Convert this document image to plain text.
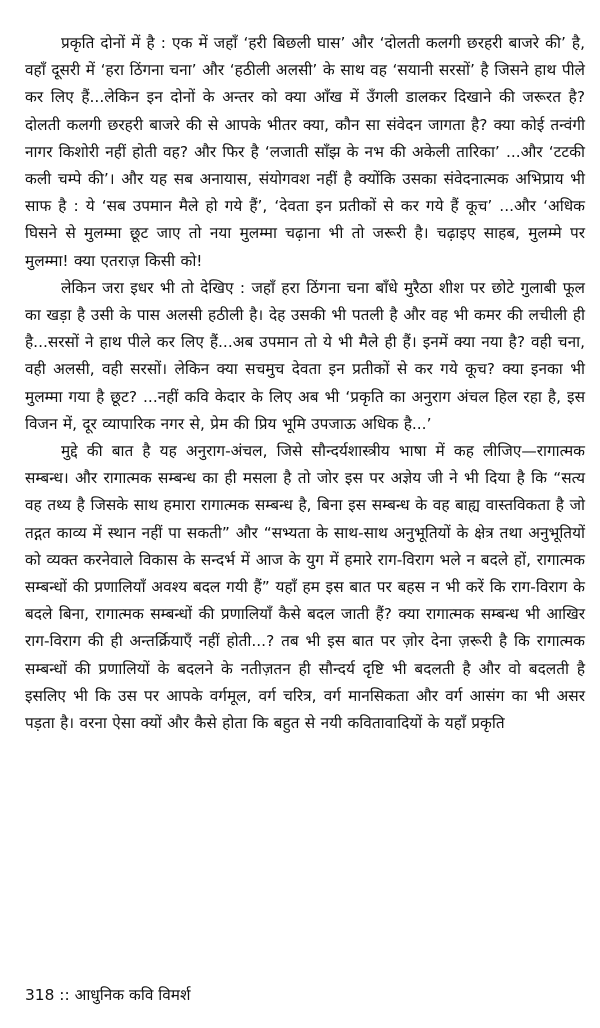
प्रकृति दोनों में है : एक में जहाँ ‘हरी बिछली घास’ और ‘दोलती कलगी छरहरी बाजरे की’ है, वहाँ दूसरी में ‘हरा ठिंगना चना’ और ‘हठीली अलसी’ के साथ वह ‘सयानी सरसों’ है जिसने हाथ पीले कर लिए हैं...लेकिन इन दोनों के अन्तर को क्या आँख में उँगली डालकर दिखाने की जरूरत है? दोलती कलगी छरहरी बाजरे की से आपके भीतर क्या, कौन सा संवेदन जागता है? क्या कोई तन्वंगी नागर किशोरी नहीं होती वह? और फिर है ‘लजाती साँझ के नभ की अकेली तारिका’ ...और ‘टटकी कली चम्पे की’। और यह सब अनायास, संयोगवश नहीं है क्योंकि उसका संवेदनात्मक अभिप्राय भी साफ है : ये ‘सब उपमान मैले हो गये हैं’, ‘देवता इन प्रतीकों से कर गये हैं कूच’ ...और ‘अधिक घिसने से मुलम्मा छूट जाए तो नया मुलम्मा चढ़ाना भी तो जरूरी है। चढ़ाइए साहब, मुलम्मे पर मुलम्मा! क्या एतराज़ किसी को!

लेकिन जरा इधर भी तो देखिए : जहाँ हरा ठिंगना चना बाँधे मुरैठा शीश पर छोटे गुलाबी फूल का खड़ा है उसी के पास अलसी हठीली है। देह उसकी भी पतली है और वह भी कमर की लचीली ही है...सरसों ने हाथ पीले कर लिए हैं...अब उपमान तो ये भी मैले ही हैं। इनमें क्या नया है? वही चना, वही अलसी, वही सरसों। लेकिन क्या सचमुच देवता इन प्रतीकों से कर गये कूच? क्या इनका भी मुलम्मा गया है छूट? ...नहीं कवि केदार के लिए अब भी ‘प्रकृति का अनुराग अंचल हिल रहा है, इस विजन में, दूर व्यापारिक नगर से, प्रेम की प्रिय भूमि उपजाऊ अधिक है...’

मुद्दे की बात है यह अनुराग-अंचल, जिसे सौन्दर्यशास्त्रीय भाषा में कह लीजिए—रागात्मक सम्बन्ध। और रागात्मक सम्बन्ध का ही मसला है तो जोर इस पर अज्ञेय जी ने भी दिया है कि “सत्य वह तथ्य है जिसके साथ हमारा रागात्मक सम्बन्ध है, बिना इस सम्बन्ध के वह बाह्य वास्तविकता है जो तद्गत काव्य में स्थान नहीं पा सकती” और “सभ्यता के साथ-साथ अनुभूतियों के क्षेत्र तथा अनुभूतियों को व्यक्त करनेवाले विकास के सन्दर्भ में आज के युग में हमारे राग-विराग भले न बदले हों, रागात्मक सम्बन्धों की प्रणालियाँ अवश्य बदल गयी हैं” यहाँ हम इस बात पर बहस न भी करें कि राग-विराग के बदले बिना, रागात्मक सम्बन्धों की प्रणालियाँ कैसे बदल जाती हैं? क्या रागात्मक सम्बन्ध भी आखिर राग-विराग की ही अन्तर्क्रियाएँ नहीं होती...? तब भी इस बात पर ज़ोर देना ज़रूरी है कि रागात्मक सम्बन्धों की प्रणालियों के बदलने के नतीज़तन ही सौन्दर्य दृष्टि भी बदलती है और वो बदलती है इसलिए भी कि उस पर आपके वर्गमूल, वर्ग चरित्र, वर्ग मानसिकता और वर्ग आसंग का भी असर पड़ता है। वरना ऐसा क्यों और कैसे होता कि बहुत से नयी कवितावादियों के यहाँ प्रकृति

318 :: आधुनिक कवि विमर्श
